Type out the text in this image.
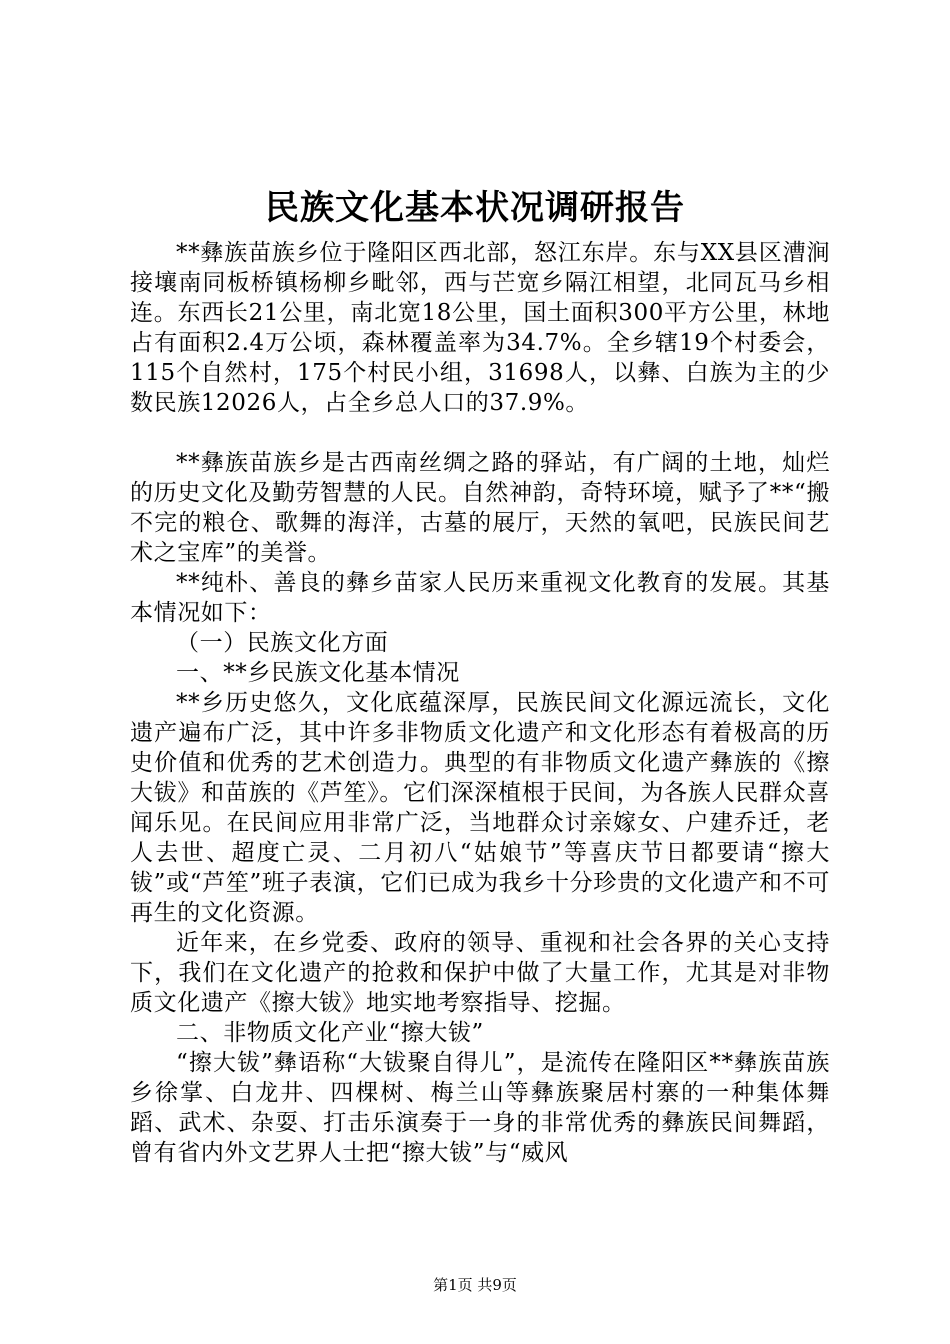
民族文化基本状况调研报告

**彝族苗族乡位于隆阳区西北部，怒江东岸。东与XX县区漕涧接壤南同板桥镇杨柳乡毗邻，西与芒宽乡隔江相望，北同瓦马乡相连。东西长21公里，南北宽18公里，国土面积300平方公里，林地占有面积2.4万公顷，森林覆盖率为34.7%。全乡辖19个村委会，115个自然村，175个村民小组，31698人，以彝、白族为主的少数民族12026人，占全乡总人口的37.9%。

**彝族苗族乡是古西南丝绸之路的驿站，有广阔的土地，灿烂的历史文化及勤劳智慧的人民。自然神韵，奇特环境，赋予了**“搬不完的粮仓、歌舞的海洋，古墓的展厅，天然的氧吧，民族民间艺术之宝库”的美誉。

**纯朴、善良的彝乡苗家人民历来重视文化教育的发展。其基本情况如下：

（一）民族文化方面

一、**乡民族文化基本情况

**乡历史悠久，文化底蕴深厚，民族民间文化源远流长，文化遗产遍布广泛，其中许多非物质文化遗产和文化形态有着极高的历史价值和优秀的艺术创造力。典型的有非物质文化遗产彝族的《擦大钹》和苗族的《芦笙》。它们深深植根于民间，为各族人民群众喜闻乐见。在民间应用非常广泛，当地群众讨亲嫁女、户建乔迁，老人去世、超度亡灵、二月初八“姑娘节”等喜庆节日都要请“擦大钹”或“芦笙”班子表演，它们已成为我乡十分珍贵的文化遗产和不可再生的文化资源。

近年来，在乡党委、政府的领导、重视和社会各界的关心支持下，我们在文化遗产的抢救和保护中做了大量工作，尤其是对非物质文化遗产《擦大钹》地实地考察指导、挖掘。

二、非物质文化产业“擦大钹”

“擦大钹”彝语称“大钹聚自得儿”，是流传在隆阳区**彝族苗族乡徐掌、白龙井、四棵树、梅兰山等彝族聚居村寨的一种集体舞蹈、武术、杂耍、打击乐演奏于一身的非常优秀的彝族民间舞蹈，曾有省内外文艺界人士把“擦大钹”与“威风

第1页 共9页
